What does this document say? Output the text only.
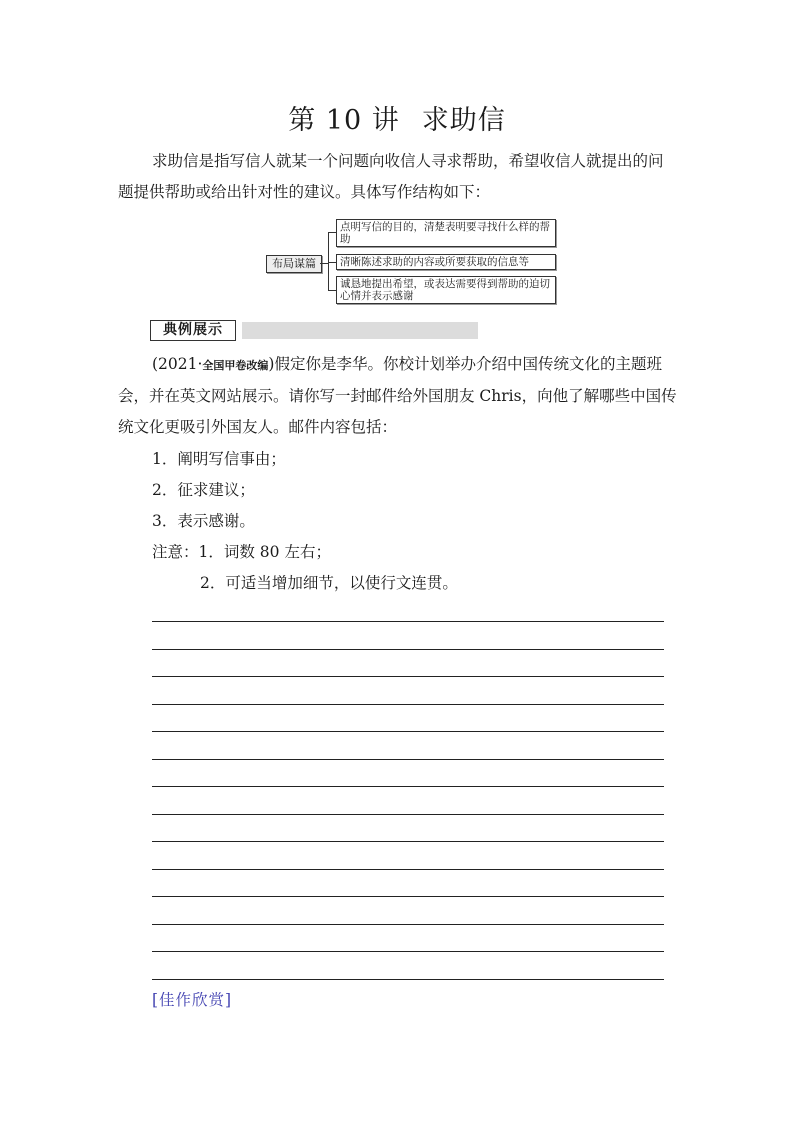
第 10 讲 求助信

求助信是指写信人就某一个问题向收信人寻求帮助，希望收信人就提出的问题提供帮助或给出针对性的建议。具体写作结构如下：

布局谋篇
点明写信的目的，清楚表明要寻找什么样的帮助
清晰陈述求助的内容或所要获取的信息等
诚恳地提出希望，或表达需要得到帮助的迫切心情并表示感谢
典例展示

(2021·全国甲卷改编)假定你是李华。你校计划举办介绍中国传统文化的主题班会，并在英文网站展示。请你写一封邮件给外国朋友 Chris，向他了解哪些中国传统文化更吸引外国友人。邮件内容包括：

1．阐明写信事由；

2．征求建议；

3．表示感谢。

注意：1．词数 80 左右；

2．可适当增加细节，以使行文连贯。

[佳作欣赏]
